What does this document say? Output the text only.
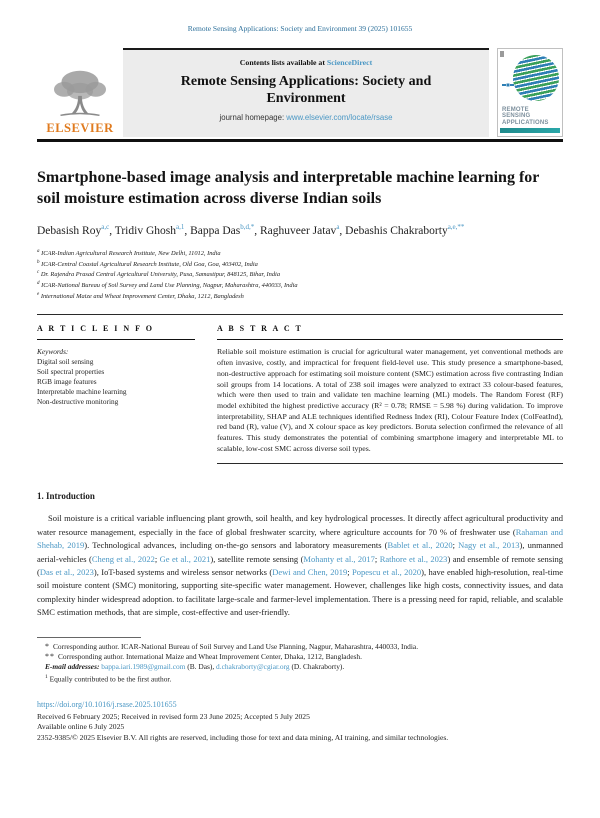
Remote Sensing Applications: Society and Environment 39 (2025) 101655
ELSEVIER
Contents lists available at ScienceDirect
Remote Sensing Applications: Society and Environment
journal homepage: www.elsevier.com/locate/rsase
REMOTE
SENSING
APPLICATIONS
Smartphone-based image analysis and interpretable machine learning for soil moisture estimation across diverse Indian soils
Debasish Roy$^{a,c}$, Tridiv Ghosh$^{a,1}$, Bappa Das$^{b,d,*}$, Raghuveer Jatav$^a$, Debashis Chakraborty$^{a,e,**}$
$^a$ ICAR-Indian Agricultural Research Institute, New Delhi, 11012, India
$^b$ ICAR-Central Coastal Agricultural Research Institute, Old Goa, Goa, 403402, India
$^c$ Dr. Rajendra Prasad Central Agricultural University, Pusa, Samastipur, 848125, Bihar, India
$^d$ ICAR-National Bureau of Soil Survey and Land Use Planning, Nagpur, Maharashtra, 440033, India
$^e$ International Maize and Wheat Improvement Center, Dhaka, 1212, Bangladesh
A R T I C L E I N F O
Keywords:
Digital soil sensing
Soil spectral properties
RGB image features
Interpretable machine learning
Non-destructive monitoring
A B S T R A C T
Reliable soil moisture estimation is crucial for agricultural water management, yet conventional methods are often invasive, costly, and impractical for frequent field-level use. This study presence a smartphone-based, non-destructive approach for estimating soil moisture content (SMC) estimation across five contrasting Indian soil groups from 14 locations. A total of 238 soil images were analyzed to extract 33 colour-based features, which were then used to train and validate ten machine learning (ML) models. The Random Forest (RF) model exhibited the highest predictive accuracy (R² = 0.78; RMSE = 5.98 %) during validation. To improve interpretability, SHAP and ALE techniques identified Redness Index (RI), Colour Feature Index (ColFeatInd), red band (R), value (V), and X colour space as key predictors. Boruta selection confirmed the relevance of all features. This study demonstrates the potential of combining smartphone imagery and interpretable ML to scalable, low-cost SMC across diverse soil types.
1. Introduction
Soil moisture is a critical variable influencing plant growth, soil health, and key hydrological processes. It directly affect agricultural productivity and water resource management, especially in the face of global freshwater scarcity, where agriculture accounts for 70 % of freshwater use (Rahaman and Shehab, 2019). Technological advances, including on-the-go sensors and laboratory measurements (Bablet et al., 2020; Nagy et al., 2013), unmanned aerial-vehicles (Cheng et al., 2022; Ge et al., 2021), satellite remote sensing (Mohanty et al., 2017; Rathore et al., 2023) and ensemble of remote sensing (Das et al., 2023), IoT-based systems and wireless sensor networks (Dewi and Chen, 2019; Popescu et al., 2020), have enabled high-resolution, real-time soil moisture content (SMC) monitoring, supporting site-specific water management. However, challenges like high costs, connectivity issues, and data complexity hinder widespread adoption. to facilitate large-scale and farmer-level implementation. There is a pressing need for rapid, reliable, and scalable SMC estimation methods, that are simple, cost-effective and user-friendly.
* Corresponding author. ICAR-National Bureau of Soil Survey and Land Use Planning, Nagpur, Maharashtra, 440033, India.
** Corresponding author. International Maize and Wheat Improvement Center, Dhaka, 1212, Bangladesh.
E-mail addresses: bappa.iari.1989@gmail.com (B. Das), d.chakraborty@cgiar.org (D. Chakraborty).
$^1$ Equally contributed to be the first author.
https://doi.org/10.1016/j.rsase.2025.101655
Received 6 February 2025; Received in revised form 23 June 2025; Accepted 5 July 2025
Available online 6 July 2025
2352-9385/© 2025 Elsevier B.V. All rights are reserved, including those for text and data mining, AI training, and similar technologies.
